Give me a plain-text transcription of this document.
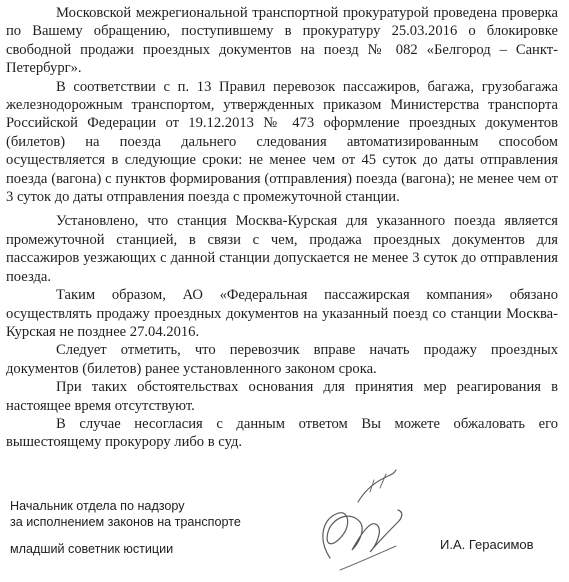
Московской межрегиональной транспортной прокуратурой проведена проверка по Вашему обращению, поступившему в прокуратуру 25.03.2016 о блокировке свободной продажи проездных документов на поезд № 082 «Белгород – Санкт-Петербург».

В соответствии с п. 13 Правил перевозок пассажиров, багажа, грузобагажа железнодорожным транспортом, утвержденных приказом Министерства транспорта Российской Федерации от 19.12.2013 № 473 оформление проездных документов (билетов) на поезда дальнего следования автоматизированным способом осуществляется в следующие сроки: не менее чем от 45 суток до даты отправления поезда (вагона) с пунктов формирования (отправления) поезда (вагона); не менее чем от 3 суток до даты отправления поезда с промежуточной станции.

Установлено, что станция Москва-Курская для указанного поезда является промежуточной станцией, в связи с чем, продажа проездных документов для пассажиров уезжающих с данной станции допускается не менее 3 суток до отправления поезда.

Таким образом, АО «Федеральная пассажирская компания» обязано осуществлять продажу проездных документов на указанный поезд со станции Москва-Курская не позднее 27.04.2016.

Следует отметить, что перевозчик вправе начать продажу проездных документов (билетов) ранее установленного законом срока.

При таких обстоятельствах основания для принятия мер реагирования в настоящее время отсутствуют.

В случае несогласия с данным ответом Вы можете обжаловать его вышестоящему прокурору либо в суд.

Начальник отдела по надзору
за исполнением законов на транспорте
младший советник юстиции	И.А. Герасимов
